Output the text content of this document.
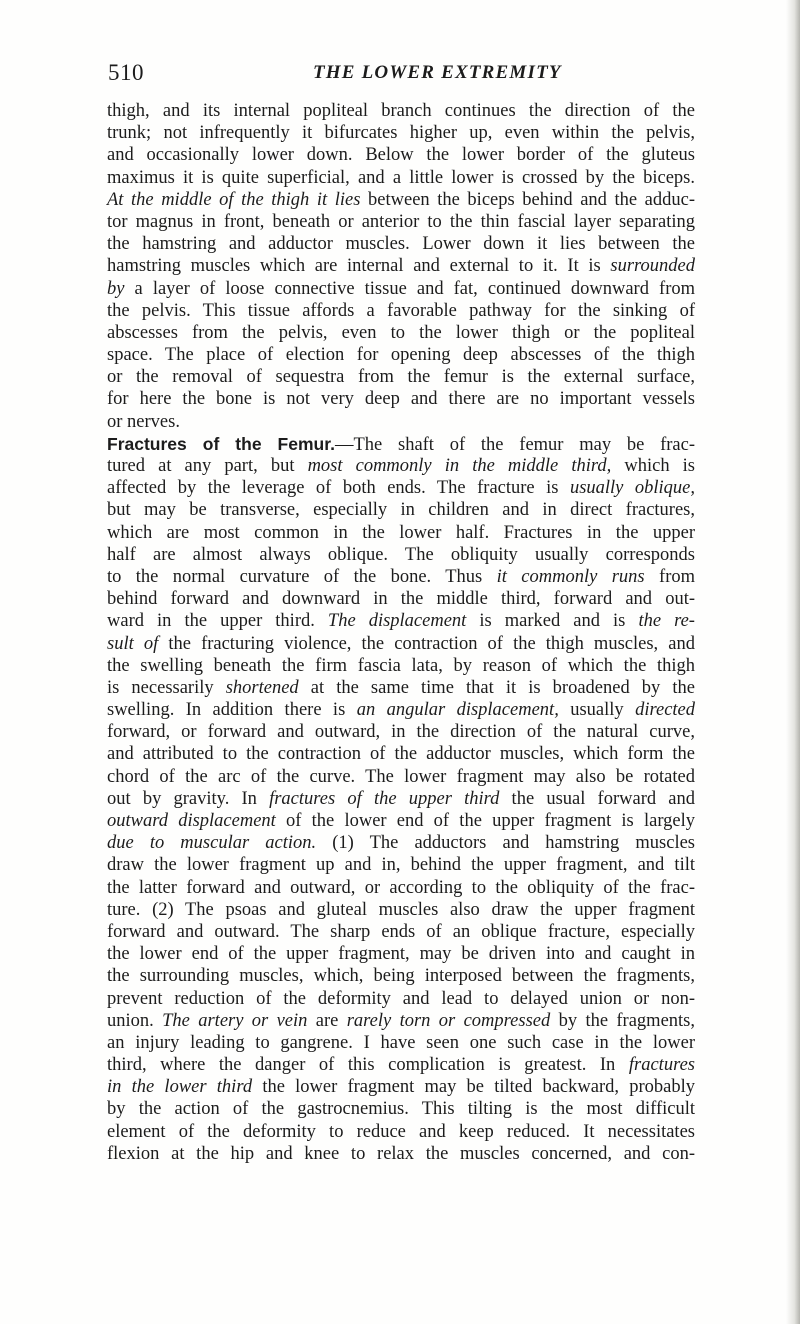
510	THE LOWER EXTREMITY
thigh, and its internal popliteal branch continues the direction of the
trunk; not infrequently it bifurcates higher up, even within the pelvis,
and occasionally lower down. Below the lower border of the gluteus
maximus it is quite superficial, and a little lower is crossed by the biceps.
At the middle of the thigh it lies between the biceps behind and the adduc-
tor magnus in front, beneath or anterior to the thin fascial layer separating
the hamstring and adductor muscles. Lower down it lies between the
hamstring muscles which are internal and external to it. It is surrounded
by a layer of loose connective tissue and fat, continued downward from
the pelvis. This tissue affords a favorable pathway for the sinking of
abscesses from the pelvis, even to the lower thigh or the popliteal
space. The place of election for opening deep abscesses of the thigh
or the removal of sequestra from the femur is the external surface,
for here the bone is not very deep and there are no important vessels
or nerves.
Fractures of the Femur.—The shaft of the femur may be frac-
tured at any part, but most commonly in the middle third, which is
affected by the leverage of both ends. The fracture is usually oblique,
but may be transverse, especially in children and in direct fractures,
which are most common in the lower half. Fractures in the upper
half are almost always oblique. The obliquity usually corresponds
to the normal curvature of the bone. Thus it commonly runs from
behind forward and downward in the middle third, forward and out-
ward in the upper third. The displacement is marked and is the re-
sult of the fracturing violence, the contraction of the thigh muscles, and
the swelling beneath the firm fascia lata, by reason of which the thigh
is necessarily shortened at the same time that it is broadened by the
swelling. In addition there is an angular displacement, usually directed
forward, or forward and outward, in the direction of the natural curve,
and attributed to the contraction of the adductor muscles, which form the
chord of the arc of the curve. The lower fragment may also be rotated
out by gravity. In fractures of the upper third the usual forward and
outward displacement of the lower end of the upper fragment is largely
due to muscular action. (1) The adductors and hamstring muscles
draw the lower fragment up and in, behind the upper fragment, and tilt
the latter forward and outward, or according to the obliquity of the frac-
ture. (2) The psoas and gluteal muscles also draw the upper fragment
forward and outward. The sharp ends of an oblique fracture, especially
the lower end of the upper fragment, may be driven into and caught in
the surrounding muscles, which, being interposed between the fragments,
prevent reduction of the deformity and lead to delayed union or non-
union. The artery or vein are rarely torn or compressed by the fragments,
an injury leading to gangrene. I have seen one such case in the lower
third, where the danger of this complication is greatest. In fractures
in the lower third the lower fragment may be tilted backward, probably
by the action of the gastrocnemius. This tilting is the most difficult
element of the deformity to reduce and keep reduced. It necessitates
flexion at the hip and knee to relax the muscles concerned, and con-
